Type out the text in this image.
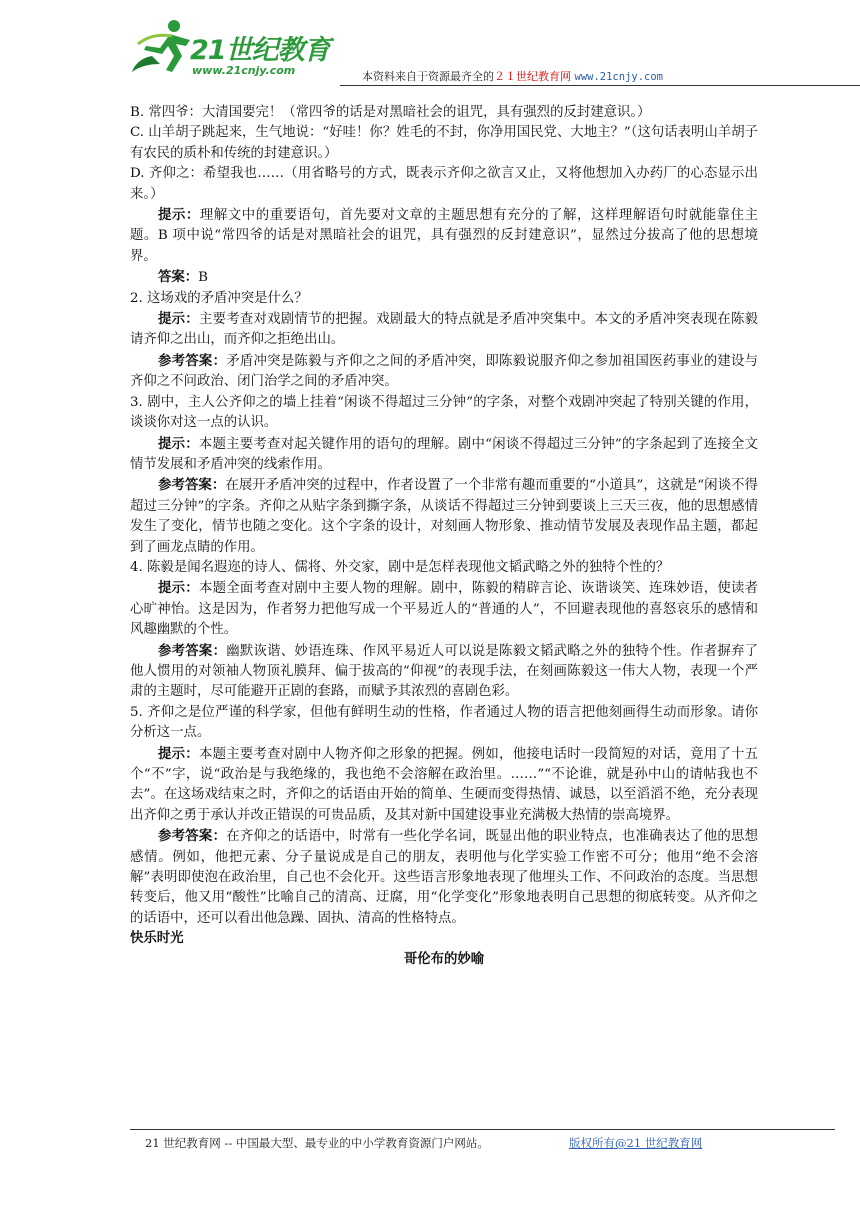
21世纪教育
www.21cnjy.com	本资料来自于资源最齐全的２１世纪教育网 www.21cnjy.com

B. 常四爷：大清国要完！（常四爷的话是对黑暗社会的诅咒，具有强烈的反封建意识。）

C. 山羊胡子跳起来，生气地说：“好哇！你？姓毛的不封，你净用国民党、大地主？”（这句话表明山羊胡子有农民的质朴和传统的封建意识。）

D. 齐仰之：希望我也……（用省略号的方式，既表示齐仰之欲言又止，又将他想加入办药厂的心态显示出来。）

提示：理解文中的重要语句，首先要对文章的主题思想有充分的了解，这样理解语句时就能靠住主题。B 项中说“常四爷的话是对黑暗社会的诅咒，具有强烈的反封建意识”，显然过分拔高了他的思想境界。

答案：B

2. 这场戏的矛盾冲突是什么？

提示：主要考查对戏剧情节的把握。戏剧最大的特点就是矛盾冲突集中。本文的矛盾冲突表现在陈毅请齐仰之出山，而齐仰之拒绝出山。

参考答案：矛盾冲突是陈毅与齐仰之之间的矛盾冲突，即陈毅说服齐仰之参加祖国医药事业的建设与齐仰之不问政治、闭门治学之间的矛盾冲突。

3. 剧中，主人公齐仰之的墙上挂着“闲谈不得超过三分钟”的字条，对整个戏剧冲突起了特别关键的作用，谈谈你对这一点的认识。

提示：本题主要考查对起关键作用的语句的理解。剧中“闲谈不得超过三分钟”的字条起到了连接全文情节发展和矛盾冲突的线索作用。

参考答案：在展开矛盾冲突的过程中，作者设置了一个非常有趣而重要的“小道具”，这就是“闲谈不得超过三分钟”的字条。齐仰之从贴字条到撕字条，从谈话不得超过三分钟到要谈上三天三夜，他的思想感情发生了变化，情节也随之变化。这个字条的设计，对刻画人物形象、推动情节发展及表现作品主题，都起到了画龙点睛的作用。

4. 陈毅是闻名遐迩的诗人、儒将、外交家，剧中是怎样表现他文韬武略之外的独特个性的？

提示：本题全面考查对剧中主要人物的理解。剧中，陈毅的精辟言论、诙谐谈笑、连珠妙语，使读者心旷神怡。这是因为，作者努力把他写成一个平易近人的“普通的人”，不回避表现他的喜怒哀乐的感情和风趣幽默的个性。

参考答案：幽默诙谐、妙语连珠、作风平易近人可以说是陈毅文韬武略之外的独特个性。作者摒弃了他人惯用的对领袖人物顶礼膜拜、偏于拔高的“仰视”的表现手法，在刻画陈毅这一伟大人物，表现一个严肃的主题时，尽可能避开正剧的套路，而赋予其浓烈的喜剧色彩。

5. 齐仰之是位严谨的科学家，但他有鲜明生动的性格，作者通过人物的语言把他刻画得生动而形象。请你分析这一点。

提示：本题主要考查对剧中人物齐仰之形象的把握。例如，他接电话时一段简短的对话，竟用了十五个“不”字，说“政治是与我绝缘的，我也绝不会溶解在政治里。……”“不论谁，就是孙中山的请帖我也不去”。在这场戏结束之时，齐仰之的话语由开始的简单、生硬而变得热情、诚恳，以至滔滔不绝，充分表现出齐仰之勇于承认并改正错误的可贵品质，及其对新中国建设事业充满极大热情的崇高境界。

参考答案：在齐仰之的话语中，时常有一些化学名词，既显出他的职业特点，也准确表达了他的思想感情。例如，他把元素、分子量说成是自己的朋友，表明他与化学实验工作密不可分；他用“绝不会溶解”表明即使泡在政治里，自己也不会化开。这些语言形象地表现了他埋头工作、不问政治的态度。当思想转变后，他又用“酸性”比喻自己的清高、迂腐，用“化学变化”形象地表明自己思想的彻底转变。从齐仰之的话语中，还可以看出他急躁、固执、清高的性格特点。

快乐时光

哥伦布的妙喻

21 世纪教育网 -- 中国最大型、最专业的中小学教育资源门户网站。	版权所有@21 世纪教育网
